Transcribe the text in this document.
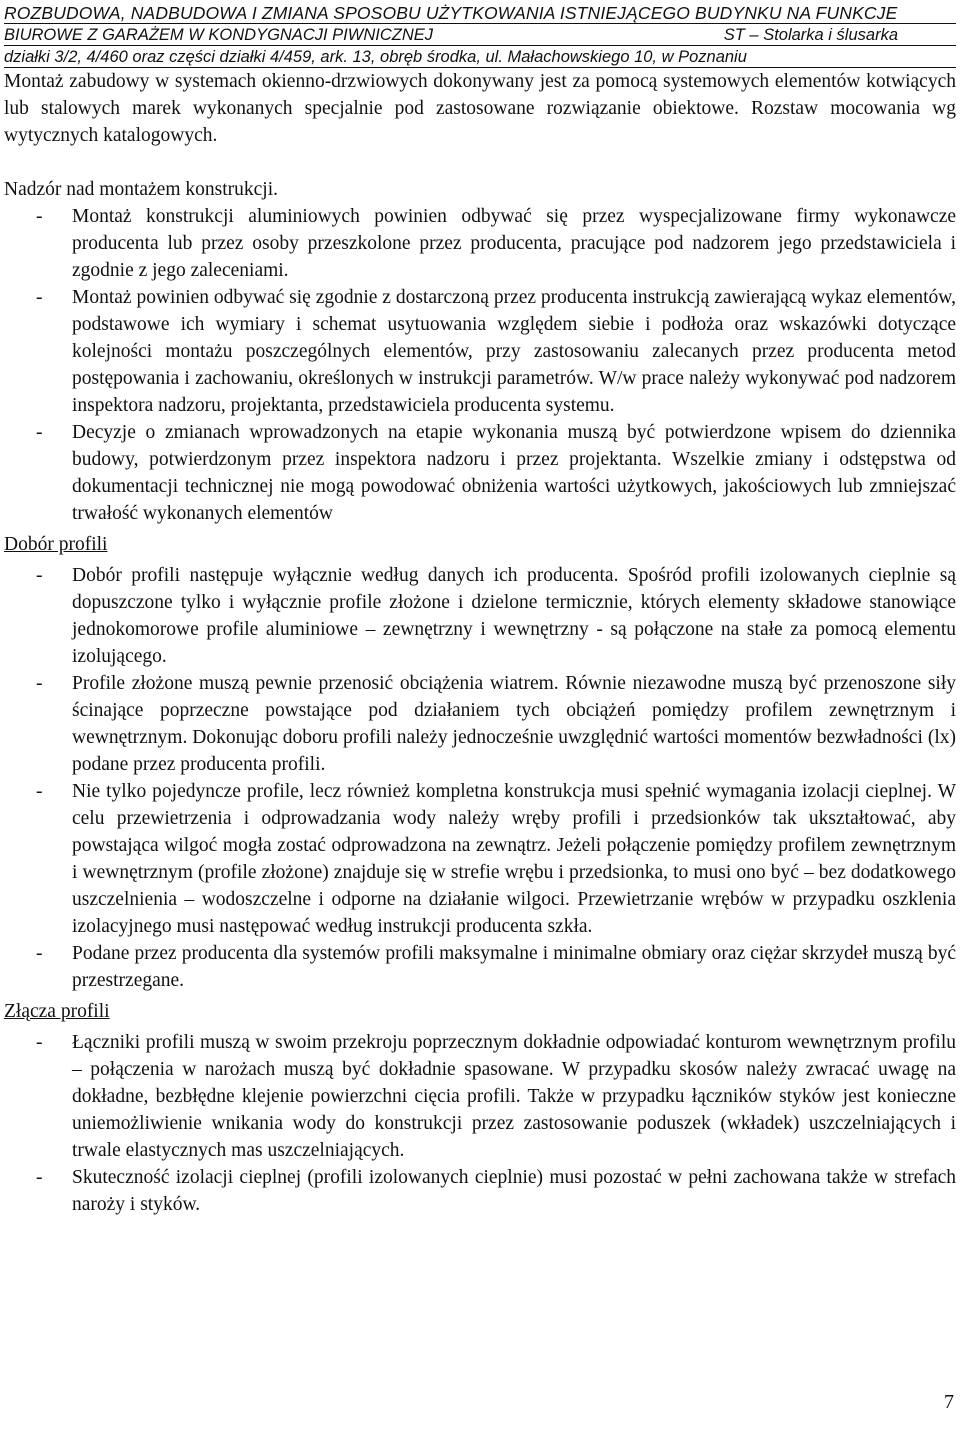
ROZBUDOWA, NADBUDOWA I ZMIANA SPOSOBU UŻYTKOWANIA ISTNIEJĄCEGO BUDYNKU NA FUNKCJE
BIUROWE Z GARAŻEM W KONDYGNACJI PIWNICZNEJ	ST – Stolarka i ślusarka
działki 3/2, 4/460 oraz części działki 4/459, ark. 13, obręb środka, ul. Małachowskiego 10, w Poznaniu

Montaż zabudowy w systemach okienno-drzwiowych dokonywany jest za pomocą systemowych elementów kotwiących lub stalowych marek wykonanych specjalnie pod zastosowane rozwiązanie obiektowe. Rozstaw mocowania wg wytycznych katalogowych.

Nadzór nad montażem konstrukcji.

- Montaż konstrukcji aluminiowych powinien odbywać się przez wyspecjalizowane firmy wykonawcze producenta lub przez osoby przeszkolone przez producenta, pracujące pod nadzorem jego przedstawiciela i zgodnie z jego zaleceniami.
- Montaż powinien odbywać się zgodnie z dostarczoną przez producenta instrukcją zawierającą wykaz elementów, podstawowe ich wymiary i schemat usytuowania względem siebie i podłoża oraz wskazówki dotyczące kolejności montażu poszczególnych elementów, przy zastosowaniu zalecanych przez producenta metod postępowania i zachowaniu, określonych w instrukcji parametrów. W/w prace należy wykonywać pod nadzorem inspektora nadzoru, projektanta, przedstawiciela producenta systemu.
- Decyzje o zmianach wprowadzonych na etapie wykonania muszą być potwierdzone wpisem do dziennika budowy, potwierdzonym przez inspektora nadzoru i przez projektanta. Wszelkie zmiany i odstępstwa od dokumentacji technicznej nie mogą powodować obniżenia wartości użytkowych, jakościowych lub zmniejszać trwałość wykonanych elementów

Dobór profili

- Dobór profili następuje wyłącznie według danych ich producenta. Spośród profili izolowanych cieplnie są dopuszczone tylko i wyłącznie profile złożone i dzielone termicznie, których elementy składowe stanowiące jednokomorowe profile aluminiowe – zewnętrzny i wewnętrzny - są połączone na stałe za pomocą elementu izolującego.
- Profile złożone muszą pewnie przenosić obciążenia wiatrem. Równie niezawodne muszą być przenoszone siły ścinające poprzeczne powstające pod działaniem tych obciążeń pomiędzy profilem zewnętrznym i wewnętrznym. Dokonując doboru profili należy jednocześnie uwzględnić wartości momentów bezwładności (lx) podane przez producenta profili.
- Nie tylko pojedyncze profile, lecz również kompletna konstrukcja musi spełnić wymagania izolacji cieplnej. W celu przewietrzenia i odprowadzania wody należy wręby profili i przedsionków tak ukształtować, aby powstająca wilgoć mogła zostać odprowadzona na zewnątrz. Jeżeli połączenie pomiędzy profilem zewnętrznym i wewnętrznym (profile złożone) znajduje się w strefie wrębu i przedsionka, to musi ono być – bez dodatkowego uszczelnienia – wodoszczelne i odporne na działanie wilgoci. Przewietrzanie wrębów w przypadku oszklenia izolacyjnego musi następować według instrukcji producenta szkła.
- Podane przez producenta dla systemów profili maksymalne i minimalne obmiary oraz ciężar skrzydeł muszą być przestrzegane.

Złącza profili

- Łączniki profili muszą w swoim przekroju poprzecznym dokładnie odpowiadać konturom wewnętrznym profilu – połączenia w narożach muszą być dokładnie spasowane. W przypadku skosów należy zwracać uwagę na dokładne, bezbłędne klejenie powierzchni cięcia profili. Także w przypadku łączników styków jest konieczne uniemożliwienie wnikania wody do konstrukcji przez zastosowanie poduszek (wkładek) uszczelniających i trwale elastycznych mas uszczelniających.
- Skuteczność izolacji cieplnej (profili izolowanych cieplnie) musi pozostać w pełni zachowana także w strefach naroży i styków.
7
